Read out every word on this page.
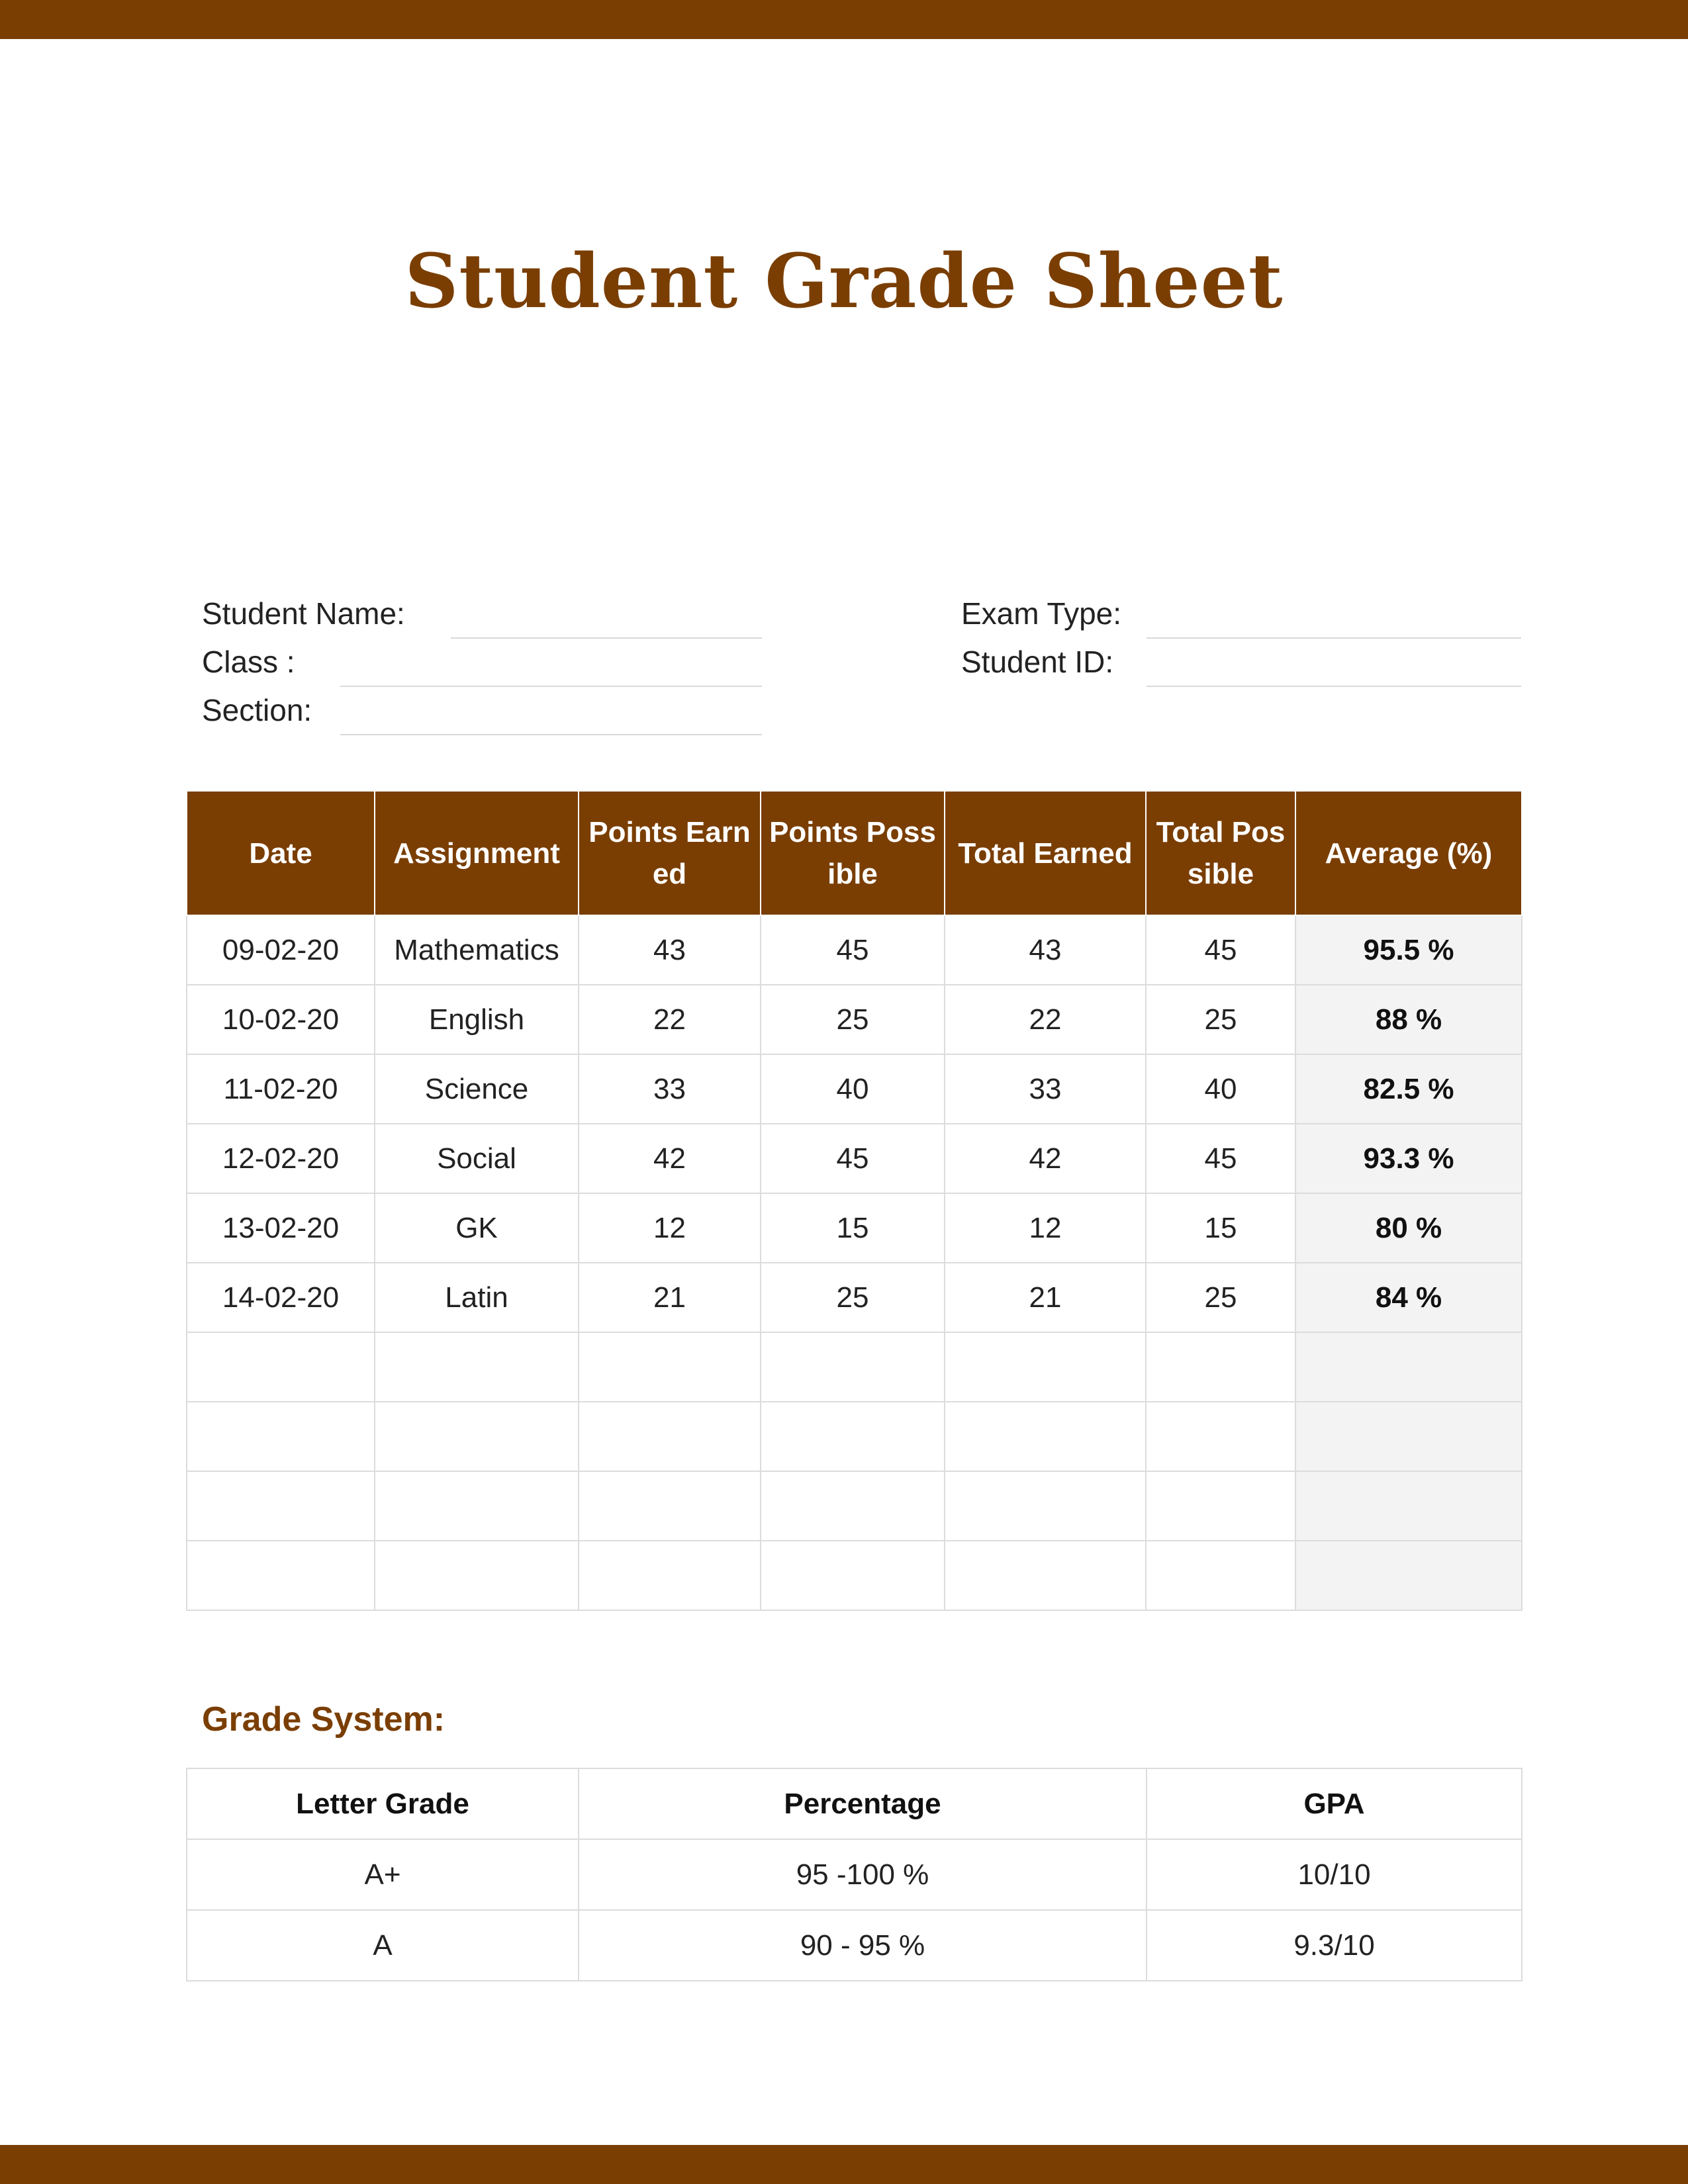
Student Grade Sheet
Student Name:
Class :
Section:
Exam Type:
Student ID:
Date	Assignment	Points Earned	Points Possible	Total Earned	Total Possible	Average (%)
09-02-20	Mathematics	43	45	43	45	95.5 %
10-02-20	English	22	25	22	25	88 %
11-02-20	Science	33	40	33	40	82.5 %
12-02-20	Social	42	45	42	45	93.3 %
13-02-20	GK	12	15	12	15	80 %
14-02-20	Latin	21	25	21	25	84 %

Grade System:
Letter Grade	Percentage	GPA
A+	95 -100 %	10/10
A	90 - 95 %	9.3/10
